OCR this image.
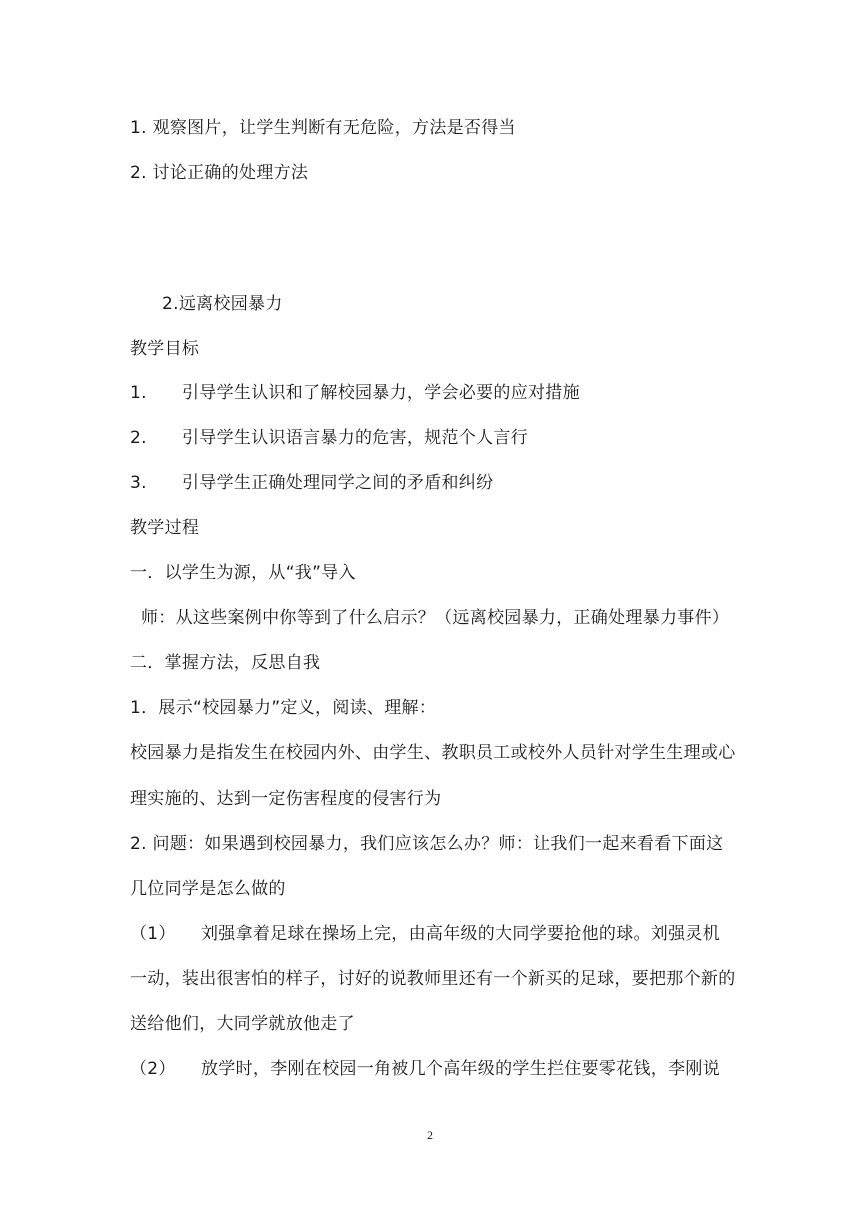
1. 观察图片，让学生判断有无危险，方法是否得当
2. 讨论正确的处理方法
2.远离校园暴力
教学目标
1. 引导学生认识和了解校园暴力，学会必要的应对措施
2. 引导学生认识语言暴力的危害，规范个人言行
3. 引导学生正确处理同学之间的矛盾和纠纷
教学过程
一．以学生为源，从“我”导入
师：从这些案例中你等到了什么启示？（远离校园暴力，正确处理暴力事件）
二．掌握方法，反思自我
1．展示“校园暴力”定义，阅读、理解：
校园暴力是指发生在校园内外、由学生、教职员工或校外人员针对学生生理或心
理实施的、达到一定伤害程度的侵害行为
2. 问题：如果遇到校园暴力，我们应该怎么办？师：让我们一起来看看下面这
几位同学是怎么做的
（1） 刘强拿着足球在操场上完，由高年级的大同学要抢他的球。刘强灵机
一动，装出很害怕的样子，讨好的说教师里还有一个新买的足球，要把那个新的
送给他们，大同学就放他走了
（2） 放学时，李刚在校园一角被几个高年级的学生拦住要零花钱，李刚说
2
